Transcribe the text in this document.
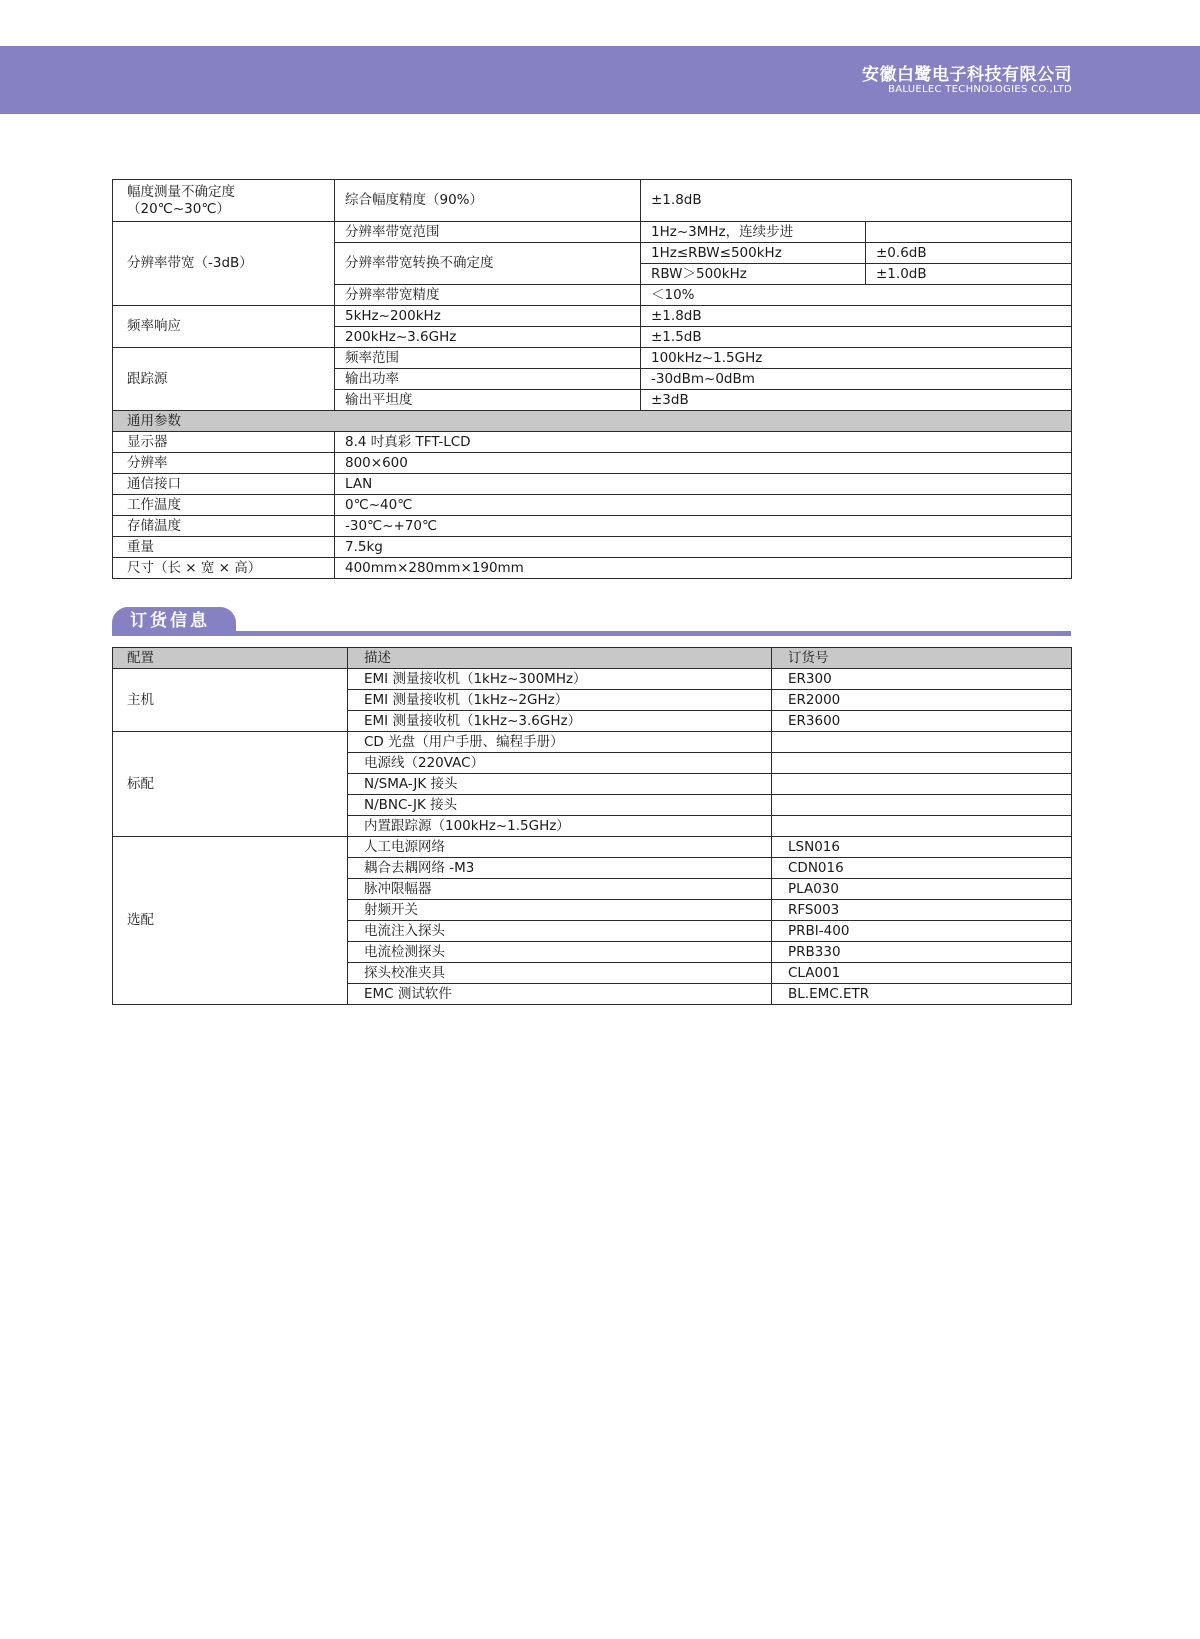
安徽白鹭电子科技有限公司
BALUELEC TECHNOLOGIES CO.,LTD
幅度测量不确定度
（20℃~30℃）	综合幅度精度（90%）	±1.8dB	
分辨率带宽（-3dB）	分辨率带宽范围	1Hz~3MHz，连续步进	
	分辨率带宽转换不确定度	1Hz≤RBW≤500kHz	±0.6dB
		RBW＞500kHz	±1.0dB
	分辨率带宽精度	＜10%	
频率响应	5kHz~200kHz	±1.8dB	
	200kHz~3.6GHz	±1.5dB	
跟踪源	频率范围	100kHz~1.5GHz	
	输出功率	-30dBm~0dBm	
	输出平坦度	±3dB	
通用参数			
显示器	8.4 吋真彩 TFT-LCD		
分辨率	800×600		
通信接口	LAN		
工作温度	0℃~40℃		
存储温度	-30℃~+70℃		
重量	7.5kg		
尺寸（长 × 宽 × 高）	400mm×280mm×190mm		
订货信息
配置	描述	订货号
主机	EMI 测量接收机（1kHz~300MHz）	ER300
	EMI 测量接收机（1kHz~2GHz）	ER2000
	EMI 测量接收机（1kHz~3.6GHz）	ER3600
标配	CD 光盘（用户手册、编程手册）	
	电源线（220VAC）	
	N/SMA-JK 接头	
	N/BNC-JK 接头	
	内置跟踪源（100kHz~1.5GHz）	
选配	人工电源网络	LSN016
	耦合去耦网络 -M3	CDN016
	脉冲限幅器	PLA030
	射频开关	RFS003
	电流注入探头	PRBI-400
	电流检测探头	PRB330
	探头校准夹具	CLA001
	EMC 测试软件	BL.EMC.ETR
